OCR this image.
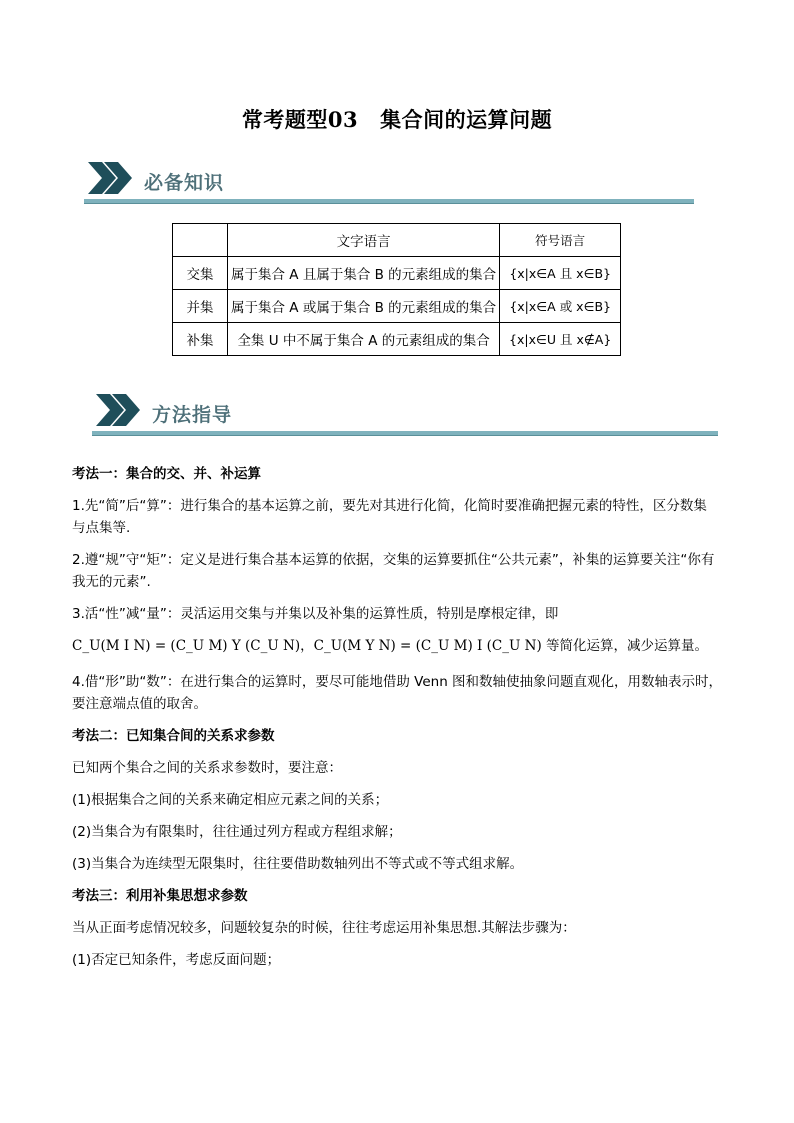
常考题型03 集合间的运算问题
必备知识
	文字语言	符号语言
交集	属于集合 A 且属于集合 B 的元素组成的集合	{x|x∈A 且 x∈B}
并集	属于集合 A 或属于集合 B 的元素组成的集合	{x|x∈A 或 x∈B}
补集	全集 U 中不属于集合 A 的元素组成的集合	{x|x∈U 且 x∉A}
方法指导

考法一：集合的交、并、补运算

1.先“简”后“算”：进行集合的基本运算之前，要先对其进行化简，化简时要准确把握元素的特性，区分数集

与点集等.

2.遵“规”守“矩”：定义是进行集合基本运算的依据，交集的运算要抓住“公共元素”，补集的运算要关注“你有

我无的元素”.

3.活“性”减“量”：灵活运用交集与并集以及补集的运算性质，特别是摩根定律，即

C_U(M I N) = (C_U M) Y (C_U N)，C_U(M Y N) = (C_U M) I (C_U N) 等简化运算，减少运算量。

4.借“形”助“数”：在进行集合的运算时，要尽可能地借助 Venn 图和数轴使抽象问题直观化，用数轴表示时，

要注意端点值的取舍。

考法二：已知集合间的关系求参数

已知两个集合之间的关系求参数时，要注意：

(1)根据集合之间的关系来确定相应元素之间的关系；

(2)当集合为有限集时，往往通过列方程或方程组求解；

(3)当集合为连续型无限集时，往往要借助数轴列出不等式或不等式组求解。

考法三：利用补集思想求参数

当从正面考虑情况较多，问题较复杂的时候，往往考虑运用补集思想.其解法步骤为：

(1)否定已知条件，考虑反面问题；
